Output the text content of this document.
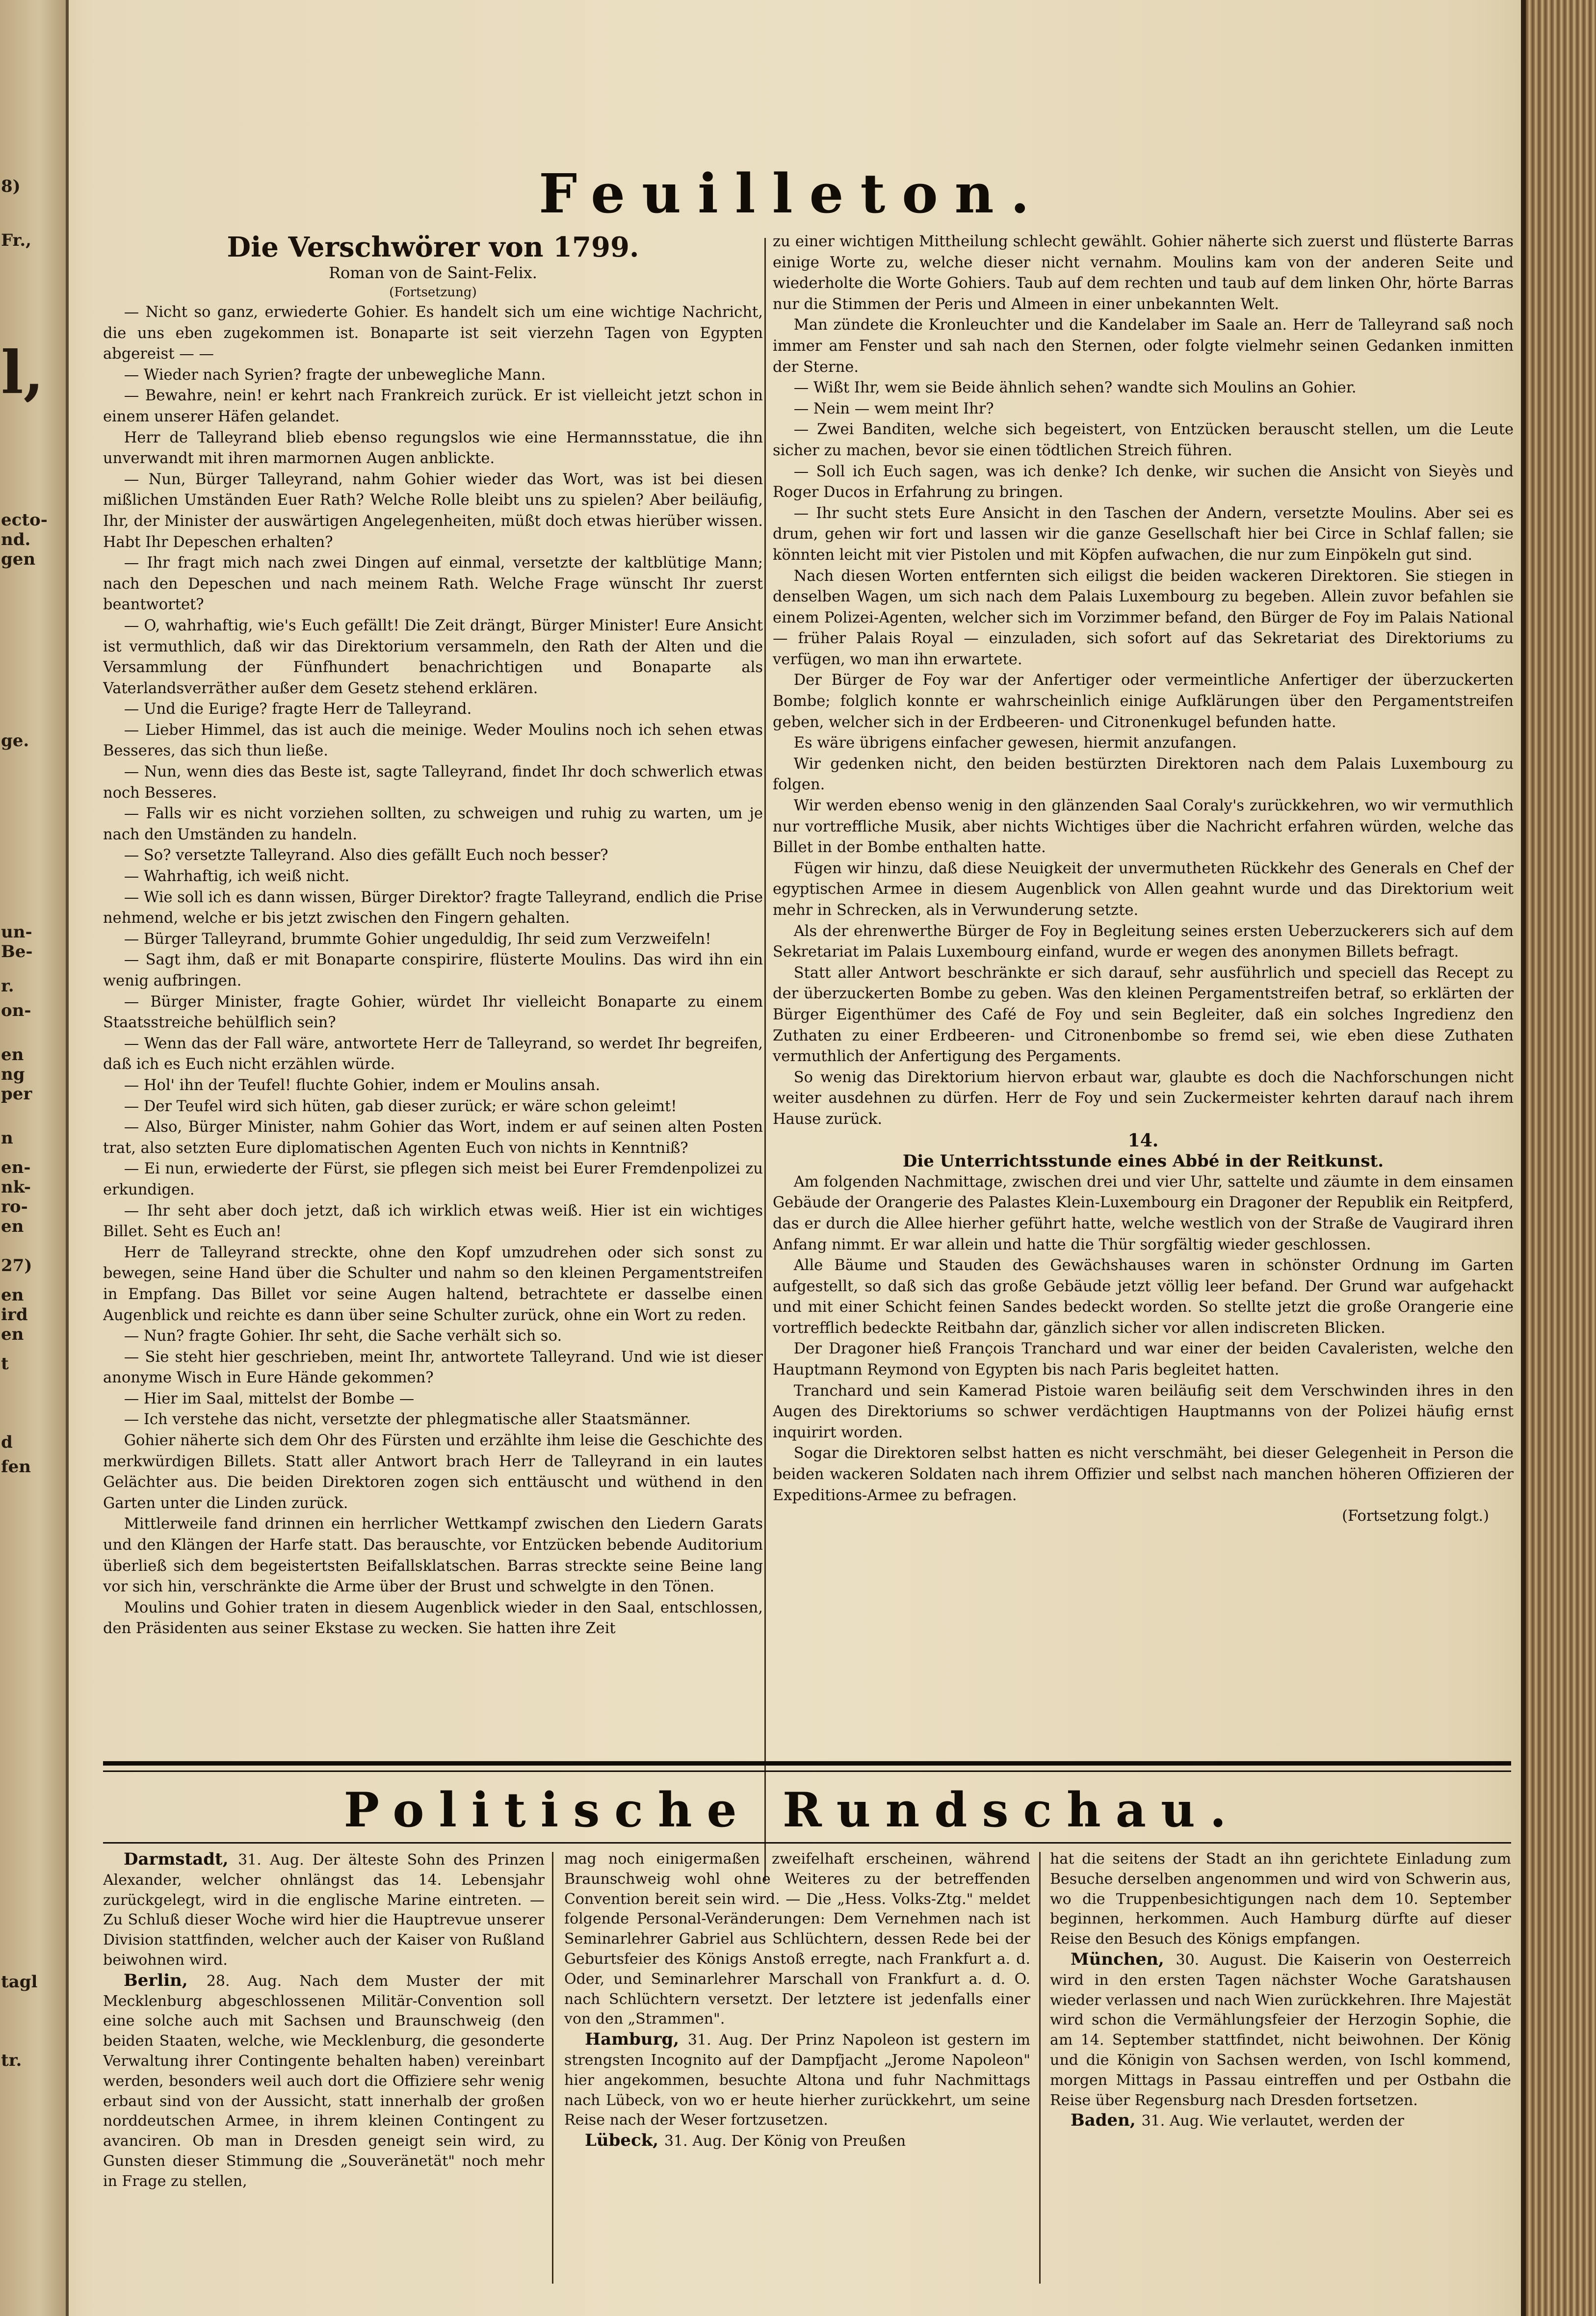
8)
Fr.,
l,
ecto-
nd.
gen
ge.
un-
Be-
r.
on-
en
ng
per
n
en-
nk-
ro-
en
27)
en
ird
en
t
d
fen
tagl
tr.
Feuilleton.

Die Verschwörer von 1799.

Roman von de Saint-Felix.

(Fortsetzung)

— Nicht so ganz, erwiederte Gohier. Es handelt sich um eine wichtige Nachricht, die uns eben zugekommen ist. Bonaparte ist seit vierzehn Tagen von Egypten abgereist — —

— Wieder nach Syrien? fragte der unbewegliche Mann.

— Bewahre, nein! er kehrt nach Frankreich zurück. Er ist vielleicht jetzt schon in einem unserer Häfen gelandet.

Herr de Talleyrand blieb ebenso regungslos wie eine Hermannsstatue, die ihn unverwandt mit ihren marmornen Augen anblickte.

— Nun, Bürger Talleyrand, nahm Gohier wieder das Wort, was ist bei diesen mißlichen Umständen Euer Rath? Welche Rolle bleibt uns zu spielen? Aber beiläufig, Ihr, der Minister der auswärtigen Angelegenheiten, müßt doch etwas hierüber wissen. Habt Ihr Depeschen erhalten?

— Ihr fragt mich nach zwei Dingen auf einmal, versetzte der kaltblütige Mann; nach den Depeschen und nach meinem Rath. Welche Frage wünscht Ihr zuerst beantwortet?

— O, wahrhaftig, wie's Euch gefällt! Die Zeit drängt, Bürger Minister! Eure Ansicht ist vermuthlich, daß wir das Direktorium versammeln, den Rath der Alten und die Versammlung der Fünfhundert benachrichtigen und Bonaparte als Vaterlandsverräther außer dem Gesetz stehend erklären.

— Und die Eurige? fragte Herr de Talleyrand.

— Lieber Himmel, das ist auch die meinige. Weder Moulins noch ich sehen etwas Besseres, das sich thun ließe.

— Nun, wenn dies das Beste ist, sagte Talleyrand, findet Ihr doch schwerlich etwas noch Besseres.

— Falls wir es nicht vorziehen sollten, zu schweigen und ruhig zu warten, um je nach den Umständen zu handeln.

— So? versetzte Talleyrand. Also dies gefällt Euch noch besser?

— Wahrhaftig, ich weiß nicht.

— Wie soll ich es dann wissen, Bürger Direktor? fragte Talleyrand, endlich die Prise nehmend, welche er bis jetzt zwischen den Fingern gehalten.

— Bürger Talleyrand, brummte Gohier ungeduldig, Ihr seid zum Verzweifeln!

— Sagt ihm, daß er mit Bonaparte conspirire, flüsterte Moulins. Das wird ihn ein wenig aufbringen.

— Bürger Minister, fragte Gohier, würdet Ihr vielleicht Bonaparte zu einem Staatsstreiche behülflich sein?

— Wenn das der Fall wäre, antwortete Herr de Talleyrand, so werdet Ihr begreifen, daß ich es Euch nicht erzählen würde.

— Hol' ihn der Teufel! fluchte Gohier, indem er Moulins ansah.

— Der Teufel wird sich hüten, gab dieser zurück; er wäre schon geleimt!

— Also, Bürger Minister, nahm Gohier das Wort, indem er auf seinen alten Posten trat, also setzten Eure diplomatischen Agenten Euch von nichts in Kenntniß?

— Ei nun, erwiederte der Fürst, sie pflegen sich meist bei Eurer Fremdenpolizei zu erkundigen.

— Ihr seht aber doch jetzt, daß ich wirklich etwas weiß. Hier ist ein wichtiges Billet. Seht es Euch an!

Herr de Talleyrand streckte, ohne den Kopf umzudrehen oder sich sonst zu bewegen, seine Hand über die Schulter und nahm so den kleinen Pergamentstreifen in Empfang. Das Billet vor seine Augen haltend, betrachtete er dasselbe einen Augenblick und reichte es dann über seine Schulter zurück, ohne ein Wort zu reden.

— Nun? fragte Gohier. Ihr seht, die Sache verhält sich so.

— Sie steht hier geschrieben, meint Ihr, antwortete Talleyrand. Und wie ist dieser anonyme Wisch in Eure Hände gekommen?

— Hier im Saal, mittelst der Bombe —

— Ich verstehe das nicht, versetzte der phlegmatische aller Staatsmänner.

Gohier näherte sich dem Ohr des Fürsten und erzählte ihm leise die Geschichte des merkwürdigen Billets. Statt aller Antwort brach Herr de Talleyrand in ein lautes Gelächter aus. Die beiden Direktoren zogen sich enttäuscht und wüthend in den Garten unter die Linden zurück.

Mittlerweile fand drinnen ein herrlicher Wettkampf zwischen den Liedern Garats und den Klängen der Harfe statt. Das berauschte, vor Entzücken bebende Auditorium überließ sich dem begeistertsten Beifallsklatschen. Barras streckte seine Beine lang vor sich hin, verschränkte die Arme über der Brust und schwelgte in den Tönen.

Moulins und Gohier traten in diesem Augenblick wieder in den Saal, entschlossen, den Präsidenten aus seiner Ekstase zu wecken. Sie hatten ihre Zeit

zu einer wichtigen Mittheilung schlecht gewählt. Gohier näherte sich zuerst und flüsterte Barras einige Worte zu, welche dieser nicht vernahm. Moulins kam von der anderen Seite und wiederholte die Worte Gohiers. Taub auf dem rechten und taub auf dem linken Ohr, hörte Barras nur die Stimmen der Peris und Almeen in einer unbekannten Welt.

Man zündete die Kronleuchter und die Kandelaber im Saale an. Herr de Talleyrand saß noch immer am Fenster und sah nach den Sternen, oder folgte vielmehr seinen Gedanken inmitten der Sterne.

— Wißt Ihr, wem sie Beide ähnlich sehen? wandte sich Moulins an Gohier.

— Nein — wem meint Ihr?

— Zwei Banditen, welche sich begeistert, von Entzücken berauscht stellen, um die Leute sicher zu machen, bevor sie einen tödtlichen Streich führen.

— Soll ich Euch sagen, was ich denke? Ich denke, wir suchen die Ansicht von Sieyès und Roger Ducos in Erfahrung zu bringen.

— Ihr sucht stets Eure Ansicht in den Taschen der Andern, versetzte Moulins. Aber sei es drum, gehen wir fort und lassen wir die ganze Gesellschaft hier bei Circe in Schlaf fallen; sie könnten leicht mit vier Pistolen und mit Köpfen aufwachen, die nur zum Einpökeln gut sind.

Nach diesen Worten entfernten sich eiligst die beiden wackeren Direktoren. Sie stiegen in denselben Wagen, um sich nach dem Palais Luxembourg zu begeben. Allein zuvor befahlen sie einem Polizei-Agenten, welcher sich im Vorzimmer befand, den Bürger de Foy im Palais National — früher Palais Royal — einzuladen, sich sofort auf das Sekretariat des Direktoriums zu verfügen, wo man ihn erwartete.

Der Bürger de Foy war der Anfertiger oder vermeintliche Anfertiger der überzuckerten Bombe; folglich konnte er wahrscheinlich einige Aufklärungen über den Pergamentstreifen geben, welcher sich in der Erdbeeren- und Citronenkugel befunden hatte.

Es wäre übrigens einfacher gewesen, hiermit anzufangen.

Wir gedenken nicht, den beiden bestürzten Direktoren nach dem Palais Luxembourg zu folgen.

Wir werden ebenso wenig in den glänzenden Saal Coraly's zurückkehren, wo wir vermuthlich nur vortreffliche Musik, aber nichts Wichtiges über die Nachricht erfahren würden, welche das Billet in der Bombe enthalten hatte.

Fügen wir hinzu, daß diese Neuigkeit der unvermutheten Rückkehr des Generals en Chef der egyptischen Armee in diesem Augenblick von Allen geahnt wurde und das Direktorium weit mehr in Schrecken, als in Verwunderung setzte.

Als der ehrenwerthe Bürger de Foy in Begleitung seines ersten Ueberzuckerers sich auf dem Sekretariat im Palais Luxembourg einfand, wurde er wegen des anonymen Billets befragt.

Statt aller Antwort beschränkte er sich darauf, sehr ausführlich und speciell das Recept zu der überzuckerten Bombe zu geben. Was den kleinen Pergamentstreifen betraf, so erklärten der Bürger Eigenthümer des Café de Foy und sein Begleiter, daß ein solches Ingredienz den Zuthaten zu einer Erdbeeren- und Citronenbombe so fremd sei, wie eben diese Zuthaten vermuthlich der Anfertigung des Pergaments.

So wenig das Direktorium hiervon erbaut war, glaubte es doch die Nachforschungen nicht weiter ausdehnen zu dürfen. Herr de Foy und sein Zuckermeister kehrten darauf nach ihrem Hause zurück.

14.

Die Unterrichtsstunde eines Abbé in der Reitkunst.

Am folgenden Nachmittage, zwischen drei und vier Uhr, sattelte und zäumte in dem einsamen Gebäude der Orangerie des Palastes Klein-Luxembourg ein Dragoner der Republik ein Reitpferd, das er durch die Allee hierher geführt hatte, welche westlich von der Straße de Vaugirard ihren Anfang nimmt. Er war allein und hatte die Thür sorgfältig wieder geschlossen.

Alle Bäume und Stauden des Gewächshauses waren in schönster Ordnung im Garten aufgestellt, so daß sich das große Gebäude jetzt völlig leer befand. Der Grund war aufgehackt und mit einer Schicht feinen Sandes bedeckt worden. So stellte jetzt die große Orangerie eine vortrefflich bedeckte Reitbahn dar, gänzlich sicher vor allen indiscreten Blicken.

Der Dragoner hieß François Tranchard und war einer der beiden Cavaleristen, welche den Hauptmann Reymond von Egypten bis nach Paris begleitet hatten.

Tranchard und sein Kamerad Pistoie waren beiläufig seit dem Verschwinden ihres in den Augen des Direktoriums so schwer verdächtigen Hauptmanns von der Polizei häufig ernst inquirirt worden.

Sogar die Direktoren selbst hatten es nicht verschmäht, bei dieser Gelegenheit in Person die beiden wackeren Soldaten nach ihrem Offizier und selbst nach manchen höheren Offizieren der Expeditions-Armee zu befragen.

(Fortsetzung folgt.)

Politische Rundschau.

Darmstadt, 31. Aug. Der älteste Sohn des Prinzen Alexander, welcher ohnlängst das 14. Lebensjahr zurückgelegt, wird in die englische Marine eintreten. — Zu Schluß dieser Woche wird hier die Hauptrevue unserer Division stattfinden, welcher auch der Kaiser von Rußland beiwohnen wird.

Berlin, 28. Aug. Nach dem Muster der mit Mecklenburg abgeschlossenen Militär-Convention soll eine solche auch mit Sachsen und Braunschweig (den beiden Staaten, welche, wie Mecklenburg, die gesonderte Verwaltung ihrer Contingente behalten haben) vereinbart werden, besonders weil auch dort die Offiziere sehr wenig erbaut sind von der Aussicht, statt innerhalb der großen norddeutschen Armee, in ihrem kleinen Contingent zu avanciren. Ob man in Dresden geneigt sein wird, zu Gunsten dieser Stimmung die „Souveränetät" noch mehr in Frage zu stellen,

mag noch einigermaßen zweifelhaft erscheinen, während Braunschweig wohl ohne Weiteres zu der betreffenden Convention bereit sein wird. — Die „Hess. Volks-Ztg." meldet folgende Personal-Veränderungen: Dem Vernehmen nach ist Seminarlehrer Gabriel aus Schlüchtern, dessen Rede bei der Geburtsfeier des Königs Anstoß erregte, nach Frankfurt a. d. Oder, und Seminarlehrer Marschall von Frankfurt a. d. O. nach Schlüchtern versetzt. Der letztere ist jedenfalls einer von den „Strammen".

Hamburg, 31. Aug. Der Prinz Napoleon ist gestern im strengsten Incognito auf der Dampfjacht „Jerome Napoleon" hier angekommen, besuchte Altona und fuhr Nachmittags nach Lübeck, von wo er heute hierher zurückkehrt, um seine Reise nach der Weser fortzusetzen.

Lübeck, 31. Aug. Der König von Preußen

hat die seitens der Stadt an ihn gerichtete Einladung zum Besuche derselben angenommen und wird von Schwerin aus, wo die Truppenbesichtigungen nach dem 10. September beginnen, herkommen. Auch Hamburg dürfte auf dieser Reise den Besuch des Königs empfangen.

München, 30. August. Die Kaiserin von Oesterreich wird in den ersten Tagen nächster Woche Garatshausen wieder verlassen und nach Wien zurückkehren. Ihre Majestät wird schon die Vermählungsfeier der Herzogin Sophie, die am 14. September stattfindet, nicht beiwohnen. Der König und die Königin von Sachsen werden, von Ischl kommend, morgen Mittags in Passau eintreffen und per Ostbahn die Reise über Regensburg nach Dresden fortsetzen.

Baden, 31. Aug. Wie verlautet, werden der
